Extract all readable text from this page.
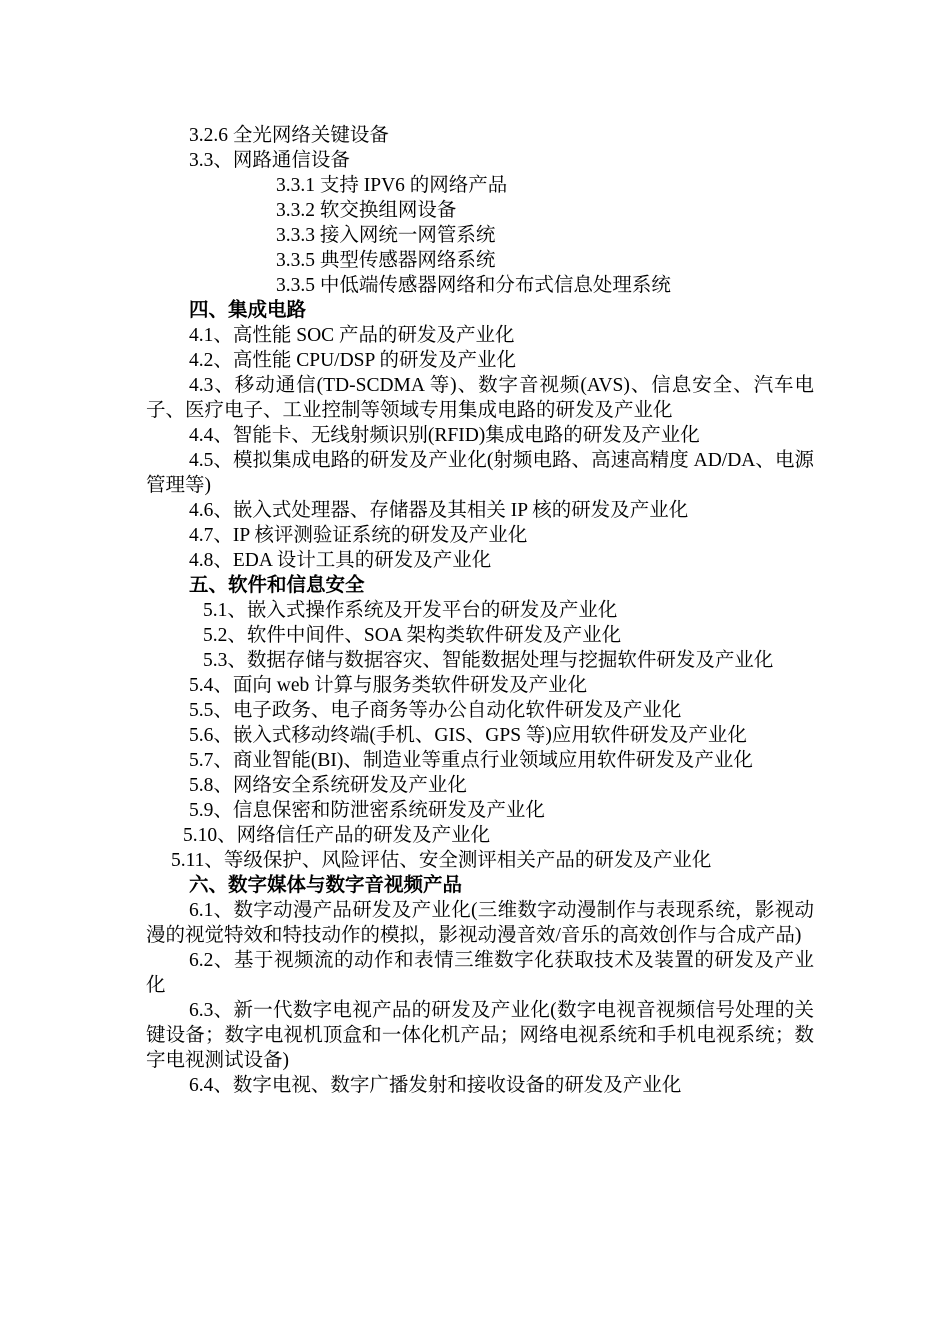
3.2.6 全光网络关键设备
3.3、网路通信设备
3.3.1 支持 IPV6 的网络产品
3.3.2 软交换组网设备
3.3.3 接入网统一网管系统
3.3.5 典型传感器网络系统
3.3.5 中低端传感器网络和分布式信息处理系统
四、集成电路
4.1、高性能 SOC 产品的研发及产业化
4.2、高性能 CPU/DSP 的研发及产业化
4.3、移动通信(TD-SCDMA 等)、数字音视频(AVS)、信息安全、汽车电子、医疗电子、工业控制等领域专用集成电路的研发及产业化
4.4、智能卡、无线射频识别(RFID)集成电路的研发及产业化
4.5、模拟集成电路的研发及产业化(射频电路、高速高精度 AD/DA、电源管理等)
4.6、嵌入式处理器、存储器及其相关 IP 核的研发及产业化
4.7、IP 核评测验证系统的研发及产业化
4.8、EDA 设计工具的研发及产业化
五、软件和信息安全
5.1、嵌入式操作系统及开发平台的研发及产业化
5.2、软件中间件、SOA 架构类软件研发及产业化
5.3、数据存储与数据容灾、智能数据处理与挖掘软件研发及产业化
5.4、面向 web 计算与服务类软件研发及产业化
5.5、电子政务、电子商务等办公自动化软件研发及产业化
5.6、嵌入式移动终端(手机、GIS、GPS 等)应用软件研发及产业化
5.7、商业智能(BI)、制造业等重点行业领域应用软件研发及产业化
5.8、网络安全系统研发及产业化
5.9、信息保密和防泄密系统研发及产业化
5.10、网络信任产品的研发及产业化
5.11、等级保护、风险评估、安全测评相关产品的研发及产业化
六、数字媒体与数字音视频产品
6.1、数字动漫产品研发及产业化(三维数字动漫制作与表现系统，影视动漫的视觉特效和特技动作的模拟，影视动漫音效/音乐的高效创作与合成产品)
6.2、基于视频流的动作和表情三维数字化获取技术及装置的研发及产业化
6.3、新一代数字电视产品的研发及产业化(数字电视音视频信号处理的关键设备；数字电视机顶盒和一体化机产品；网络电视系统和手机电视系统；数字电视测试设备)
6.4、数字电视、数字广播发射和接收设备的研发及产业化
